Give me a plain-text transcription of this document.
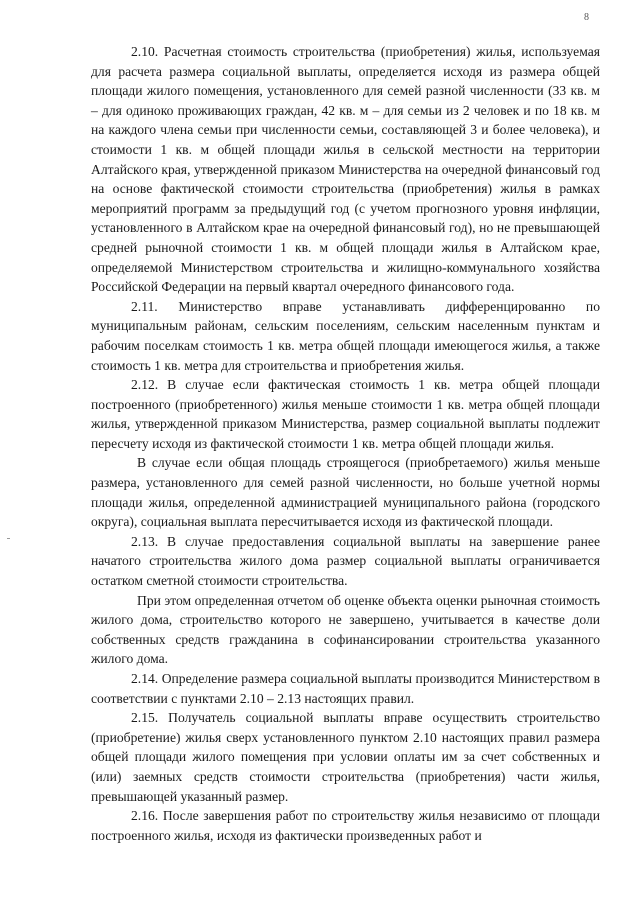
8

2.10. Расчетная стоимость строительства (приобретения) жилья, используемая для расчета размера социальной выплаты, определяется исходя из размера общей площади жилого помещения, установленного для семей разной численности (33 кв. м – для одиноко проживающих граждан, 42 кв. м – для семьи из 2 человек и по 18 кв. м на каждого члена семьи при численности семьи, составляющей 3 и более человека), и стоимости 1 кв. м общей площади жилья в сельской местности на территории Алтайского края, утвержденной приказом Министерства на очередной финансовый год на основе фактической стоимости строительства (приобретения) жилья в рамках мероприятий программ за предыдущий год (с учетом прогнозного уровня инфляции, установленного в Алтайском крае на очередной финансовый год), но не превышающей средней рыночной стоимости 1 кв. м общей площади жилья в Алтайском крае, определяемой Министерством строительства и жилищно-коммунального хозяйства Российской Федерации на первый квартал очередного финансового года.

2.11. Министерство вправе устанавливать дифференцированно по муниципальным районам, сельским поселениям, сельским населенным пунктам и рабочим поселкам стоимость 1 кв. метра общей площади имеющегося жилья, а также стоимость 1 кв. метра для строительства и приобретения жилья.

2.12. В случае если фактическая стоимость 1 кв. метра общей площади построенного (приобретенного) жилья меньше стоимости 1 кв. метра общей площади жилья, утвержденной приказом Министерства, размер социальной выплаты подлежит пересчету исходя из фактической стоимости 1 кв. метра общей площади жилья.

В случае если общая площадь строящегося (приобретаемого) жилья меньше размера, установленного для семей разной численности, но больше учетной нормы площади жилья, определенной администрацией муниципального района (городского округа), социальная выплата пересчитывается исходя из фактической площади.

2.13. В случае предоставления социальной выплаты на завершение ранее начатого строительства жилого дома размер социальной выплаты ограничивается остатком сметной стоимости строительства.

При этом определенная отчетом об оценке объекта оценки рыночная стоимость жилого дома, строительство которого не завершено, учитывается в качестве доли собственных средств гражданина в софинансировании строительства указанного жилого дома.

2.14. Определение размера социальной выплаты производится Министерством в соответствии с пунктами 2.10 – 2.13 настоящих правил.

2.15. Получатель социальной выплаты вправе осуществить строительство (приобретение) жилья сверх установленного пунктом 2.10 настоящих правил размера общей площади жилого помещения при условии оплаты им за счет собственных и (или) заемных средств стоимости строительства (приобретения) части жилья, превышающей указанный размер.

2.16. После завершения работ по строительству жилья независимо от площади построенного жилья, исходя из фактически произведенных работ и
